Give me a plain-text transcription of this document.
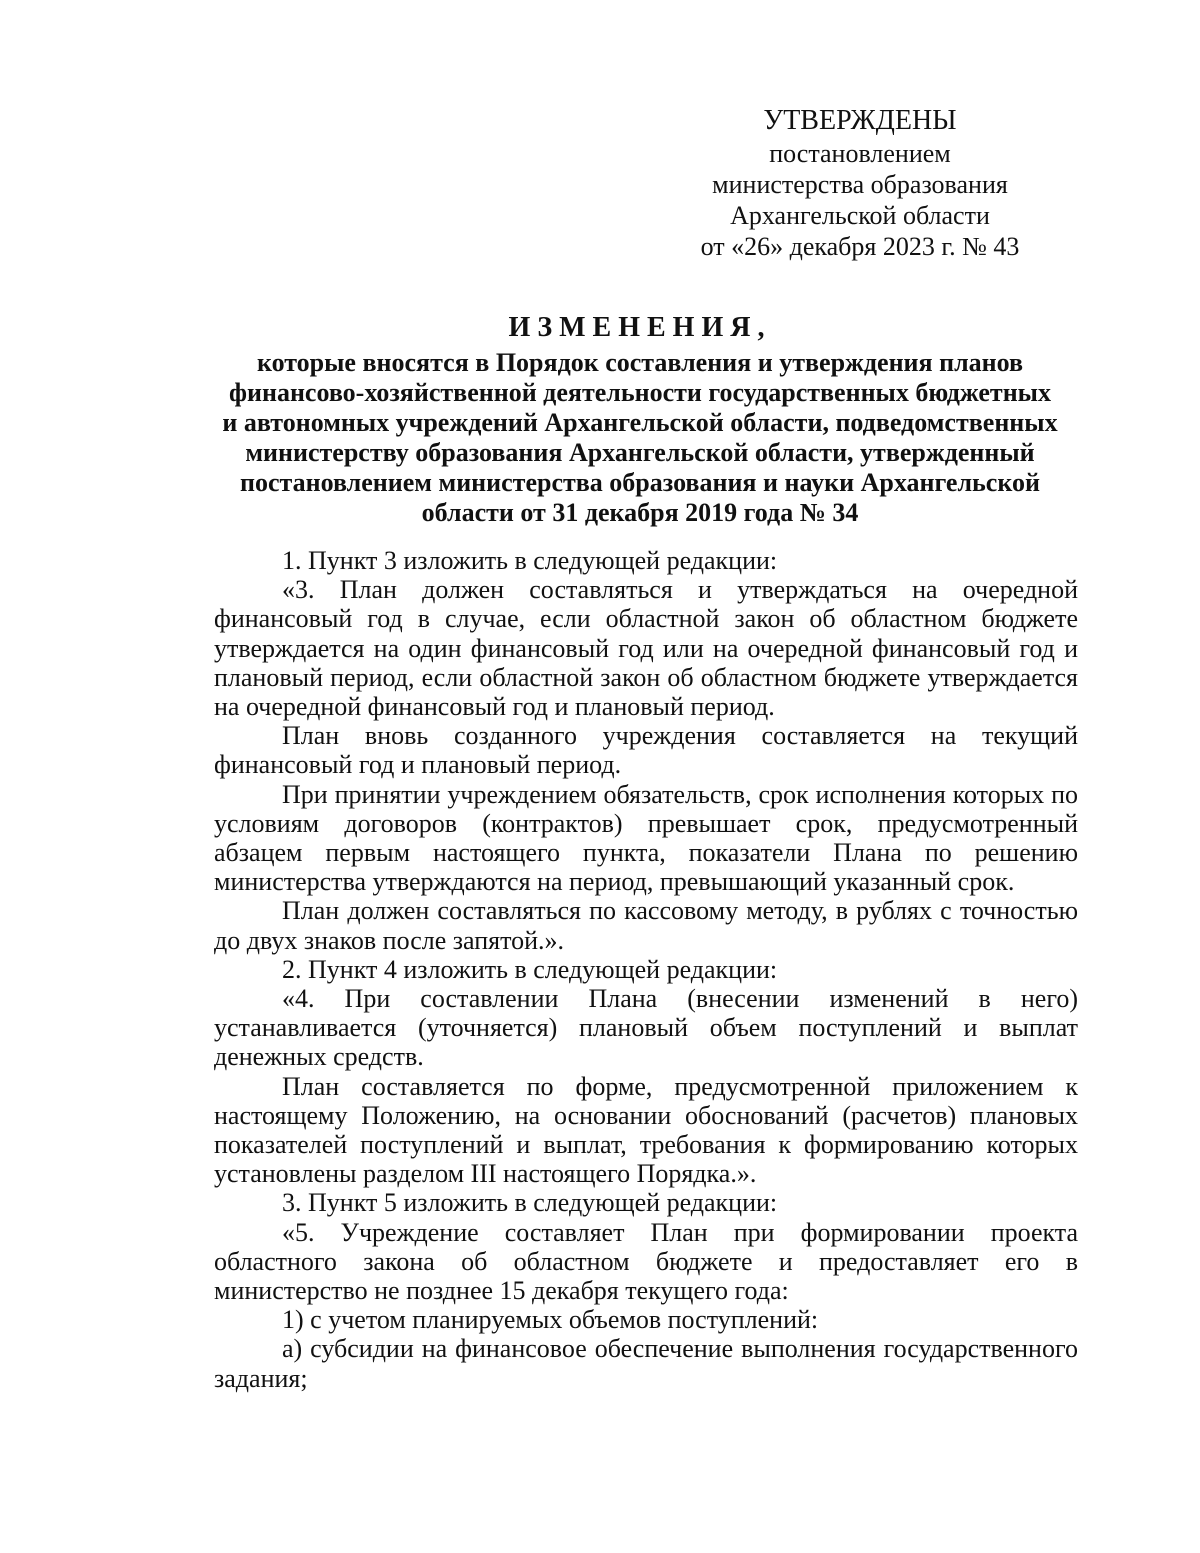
УТВЕРЖДЕНЫ
постановлением
министерства образования
Архангельской области
от «26» декабря 2023 г. № 43
ИЗМЕНЕНИЯ,
которые вносятся в Порядок составления и утверждения планов
финансово-хозяйственной деятельности государственных бюджетных
и автономных учреждений Архангельской области, подведомственных
министерству образования Архангельской области, утвержденный
постановлением министерства образования и науки Архангельской
области от 31 декабря 2019 года № 34

1. Пункт 3 изложить в следующей редакции:

«3. План должен составляться и утверждаться на очередной финансовый год в случае, если областной закон об областном бюджете утверждается на один финансовый год или на очередной финансовый год и плановый период, если областной закон об областном бюджете утверждается на очередной финансовый год и плановый период.

План вновь созданного учреждения составляется на текущий финансовый год и плановый период.

При принятии учреждением обязательств, срок исполнения которых по условиям договоров (контрактов) превышает срок, предусмотренный абзацем первым настоящего пункта, показатели Плана по решению министерства утверждаются на период, превышающий указанный срок.

План должен составляться по кассовому методу, в рублях с точностью до двух знаков после запятой.».

2. Пункт 4 изложить в следующей редакции:

«4. При составлении Плана (внесении изменений в него) устанавливается (уточняется) плановый объем поступлений и выплат денежных средств.

План составляется по форме, предусмотренной приложением к настоящему Положению, на основании обоснований (расчетов) плановых показателей поступлений и выплат, требования к формированию которых установлены разделом III настоящего Порядка.».

3. Пункт 5 изложить в следующей редакции:

«5. Учреждение составляет План при формировании проекта областного закона об областном бюджете и предоставляет его в министерство не позднее 15 декабря текущего года:

1) с учетом планируемых объемов поступлений:

а) субсидии на финансовое обеспечение выполнения государственного задания;
